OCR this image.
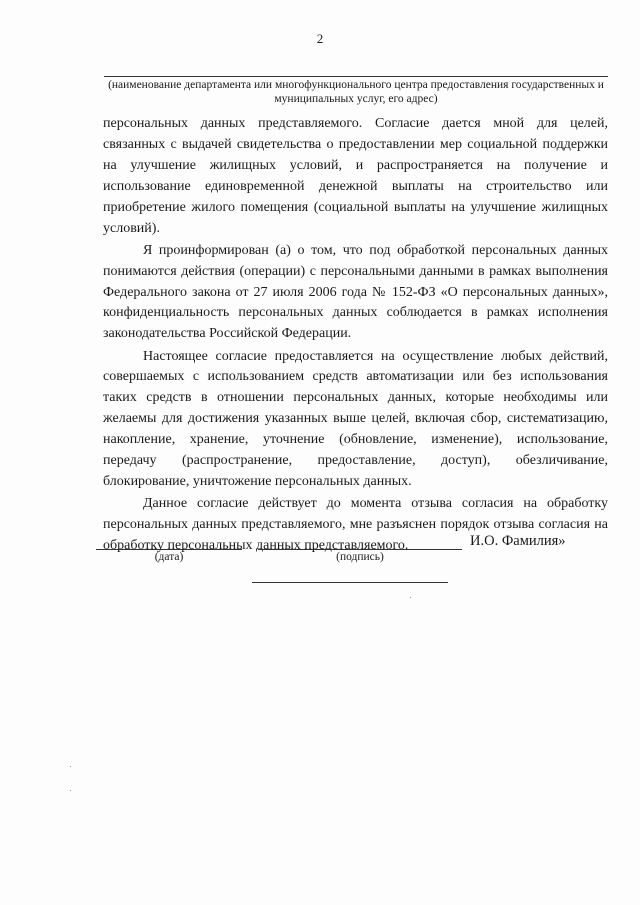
2
(наименование департамента или многофункционального центра предоставления государственных и муниципальных услуг, его адрес)

персональных данных представляемого. Согласие дается мной для целей, связанных с выдачей свидетельства о предоставлении мер социальной поддержки на улучшение жилищных условий, и распространяется на получение и использование единовременной денежной выплаты на строительство или приобретение жилого помещения (социальной выплаты на улучшение жилищных условий).

Я проинформирован (а) о том, что под обработкой персональных данных понимаются действия (операции) с персональными данными в рамках выполнения Федерального закона от 27 июля 2006 года № 152-ФЗ «О персональных данных», конфиденциальность персональных данных соблюдается в рамках исполнения законодательства Российской Федерации.

Настоящее согласие предоставляется на осуществление любых действий, совершаемых с использованием средств автоматизации или без использования таких средств в отношении персональных данных, которые необходимы или желаемы для достижения указанных выше целей, включая сбор, систематизацию, накопление, хранение, уточнение (обновление, изменение), использование, передачу (распространение, предоставление, доступ), обезличивание, блокирование, уничтожение персональных данных.

Данное согласие действует до момента отзыва согласия на обработку персональных данных представляемого, мне разъяснен порядок отзыва согласия на обработку персональных данных представляемого.

(дата)	(подпись)
И.О. Фамилия»
